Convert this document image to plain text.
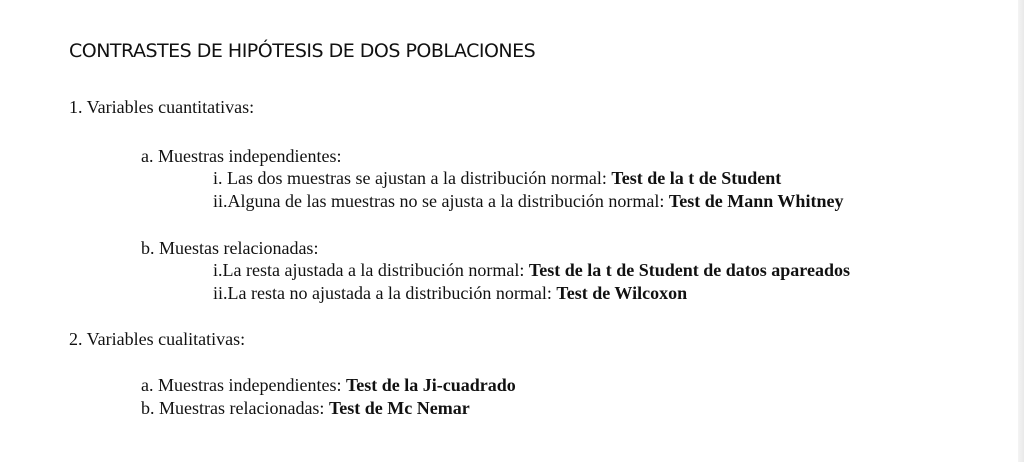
CONTRASTES DE HIPÓTESIS DE DOS POBLACIONES
1. Variables cuantitativas:
a. Muestras independientes:
i. Las dos muestras se ajustan a la distribución normal: Test de la t de Student
ii.Alguna de las muestras no se ajusta a la distribución normal: Test de Mann Whitney
b. Muestas relacionadas:
i.La resta ajustada a la distribución normal: Test de la t de Student de datos apareados
ii.La resta no ajustada a la distribución normal: Test de Wilcoxon
2. Variables cualitativas:
a. Muestras independientes: Test de la Ji-cuadrado
b. Muestras relacionadas: Test de Mc Nemar
